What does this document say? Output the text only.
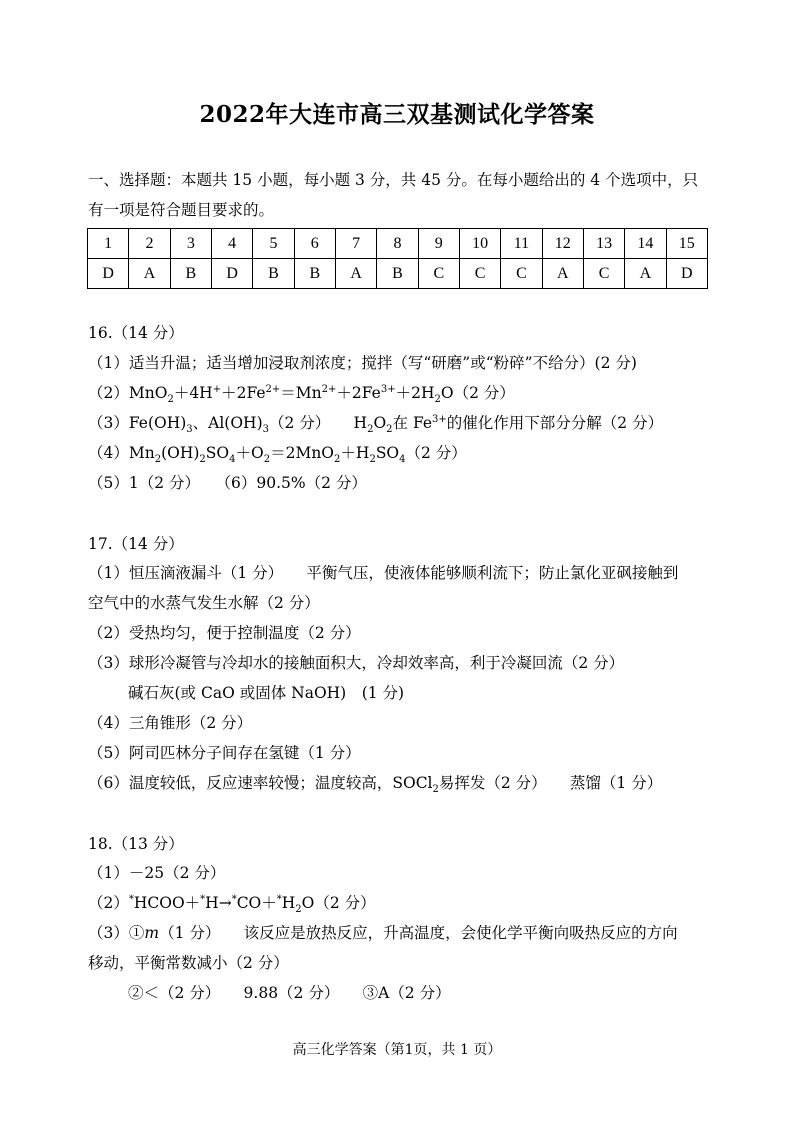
2022年大连市高三双基测试化学答案
一、选择题：本题共 15 小题，每小题 3 分，共 45 分。在每小题给出的 4 个选项中，只
有一项是符合题目要求的。
1	2	3	4	5	6	7	8	9	10	11	12	13	14	15
D	A	B	D	B	B	A	B	C	C	C	A	C	A	D
16.（14 分）
（1）适当升温；适当增加浸取剂浓度；搅拌（写“研磨”或“粉碎”不给分）(2 分)
$(2)MnO_2+4H^++2Fe^{2+}=Mn^{2+}+2Fe^{3+}+2H_2O(2$ 分）
$(3)Fe(OH)_3$、$Al(OH)_3(2$ 分）　　$H_2O_2$在 $Fe^{3+}$的催化作用下部分分解（2 分）
$(4)Mn_2(OH)_2SO_4+O_2=2MnO_2+H_2SO_4(2$ 分）
（5）1（2 分）　　（6）90.5%（2 分）
17.（14 分）
（1）恒压滴液漏斗（1 分）　　平衡气压，使液体能够顺利流下；防止氯化亚砜接触到
空气中的水蒸气发生水解（2 分）
（2）受热均匀，便于控制温度（2 分）
（3）球形冷凝管与冷却水的接触面积大，冷却效率高，利于冷凝回流（2 分）
碱石灰(或 CaO 或固体 NaOH)　(1 分)
（4）三角锥形（2 分）
（5）阿司匹林分子间存在氢键（1 分）
（6）温度较低，反应速率较慢；温度较高，SOCl$_2$易挥发（2 分）　　蒸馏（1 分）
18.（13 分）
（1）－25（2 分）
$(2)^*HCOO+^*H\to^*CO+^*H_2O(2$ 分）
（3）①m（1 分）　　该反应是放热反应，升高温度，会使化学平衡向吸热反应的方向
移动，平衡常数减小（2 分）
②＜（2 分）　　9.88（2 分）　　③A（2 分）
高三化学答案（第1页，共 1 页）
